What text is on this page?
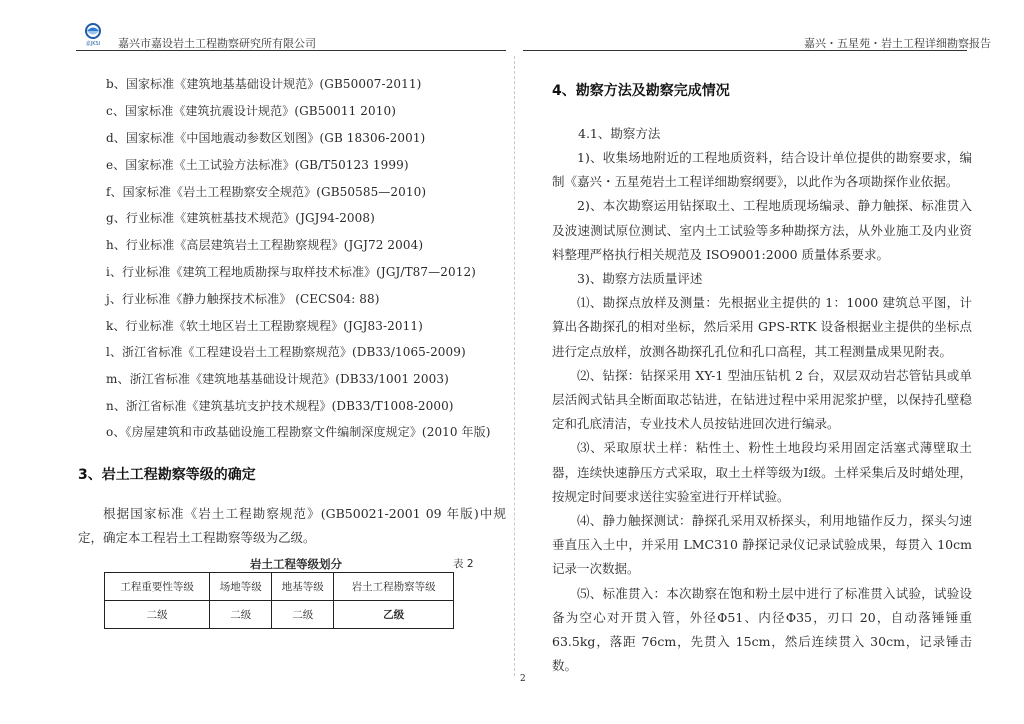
嘉JKSI 嘉兴市嘉设岩土工程勘察研究所有限公司	嘉兴・五星苑・岩土工程详细勘察报告
b、国家标准《建筑地基基础设计规范》(GB50007-2011)
c、国家标准《建筑抗震设计规范》(GB50011 2010)
d、国家标准《中国地震动参数区划图》(GB 18306-2001)
e、国家标准《土工试验方法标准》(GB/T50123 1999)
f、国家标准《岩土工程勘察安全规范》(GB50585—2010)
g、行业标准《建筑桩基技术规范》(JGJ94-2008)
h、行业标准《高层建筑岩土工程勘察规程》(JGJ72 2004)
i、行业标准《建筑工程地质勘探与取样技术标准》(JGJ/T87—2012)
j、行业标准《静力触探技术标准》 (CECS04: 88)
k、行业标准《软土地区岩土工程勘察规程》(JGJ83-2011)
l、浙江省标准《工程建设岩土工程勘察规范》(DB33/1065-2009)
m、浙江省标准《建筑地基基础设计规范》(DB33/1001 2003)
n、浙江省标准《建筑基坑支护技术规程》(DB33/T1008-2000)
o、《房屋建筑和市政基础设施工程勘察文件编制深度规定》(2010 年版)
3、岩土工程勘察等级的确定

根据国家标准《岩土工程勘察规范》(GB50021-2001 09 年版)中规定，确定本工程岩土工程勘察等级为乙级。

岩土工程等级划分	表 2
工程重要性等级	场地等级	地基等级	岩土工程勘察等级
二级	二级	二级	乙级
4、勘察方法及勘察完成情况
4.1、勘察方法

1)、收集场地附近的工程地质资料，结合设计单位提供的勘察要求，编制《嘉兴・五星苑岩土工程详细勘察纲要》，以此作为各项勘探作业依据。

2)、本次勘察运用钻探取土、工程地质现场编录、静力触探、标准贯入及波速测试原位测试、室内土工试验等多种勘探方法，从外业施工及内业资料整理严格执行相关规范及 ISO9001:2000 质量体系要求。

3)、勘察方法质量评述

⑴、勘探点放样及测量：先根据业主提供的 1：1000 建筑总平图，计算出各勘探孔的相对坐标，然后采用 GPS-RTK 设备根据业主提供的坐标点进行定点放样，放测各勘探孔孔位和孔口高程，其工程测量成果见附表。

⑵、钻探：钻探采用 XY-1 型油压钻机 2 台，双层双动岩芯管钻具或单层活阀式钻具全断面取芯钻进，在钻进过程中采用泥浆护壁，以保持孔壁稳定和孔底清洁，专业技术人员按钻进回次进行编录。

⑶、采取原状土样：粘性土、粉性土地段均采用固定活塞式薄壁取土器，连续快速静压方式采取，取土土样等级为Ⅰ级。土样采集后及时蜡处理，按规定时间要求送往实验室进行开样试验。

⑷、静力触探测试：静探孔采用双桥探头，利用地锚作反力，探头匀速垂直压入土中，并采用 LMC310 静探记录仪记录试验成果，每贯入 10cm 记录一次数据。

⑸、标准贯入：本次勘察在饱和粉土层中进行了标准贯入试验，试验设备为空心对开贯入管，外径Φ51、内径Φ35，刃口 20，自动落锤锤重 63.5kg，落距 76cm，先贯入 15cm，然后连续贯入 30cm，记录锤击数。

2
